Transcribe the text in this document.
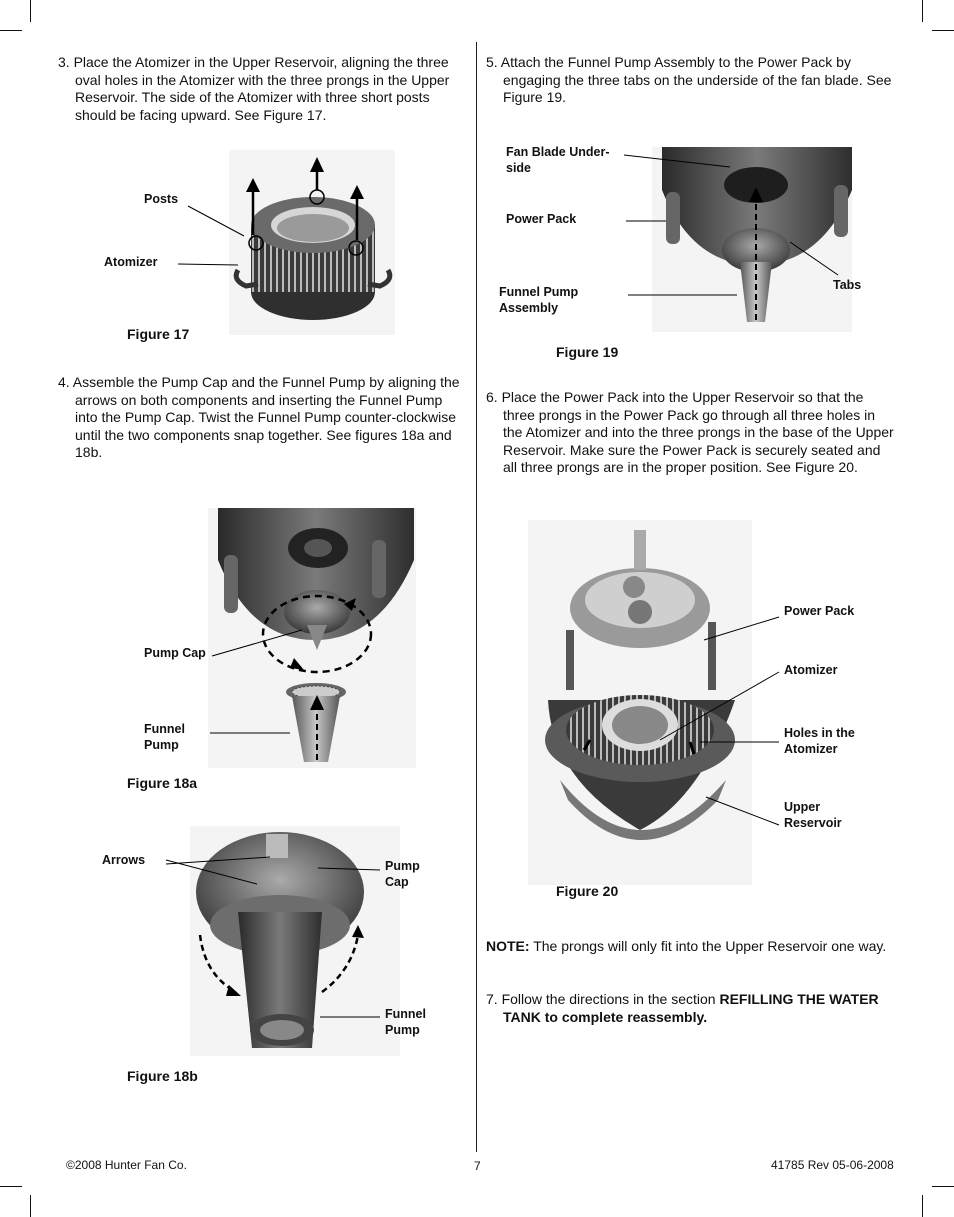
3. Place the Atomizer in the Upper Reservoir, aligning the three oval holes in the Atomizer with the three prongs in the Upper Reservoir. The side of the Atomizer with three short posts should be facing upward. See Figure 17.
Posts
Atomizer
Figure 17
4. Assemble the Pump Cap and the Funnel Pump by aligning the arrows on both components and inserting the Funnel Pump into the Pump Cap. Twist the Funnel Pump counter-clockwise until the two components snap together. See figures 18a and 18b.
Pump Cap
Funnel Pump
Figure 18a
Arrows	Pump Cap
Funnel Pump
Figure 18b
5. Attach the Funnel Pump Assembly to the Power Pack by engaging the three tabs on the underside of the fan blade. See Figure 19.
Fan Blade Under-side
Power Pack
Funnel Pump Assembly
Tabs
Figure 19
6. Place the Power Pack into the Upper Reservoir so that the three prongs in the Power Pack go through all three holes in the Atomizer and into the three prongs in the base of the Upper Reservoir. Make sure the Power Pack is securely seated and all three prongs are in the proper position. See Figure 20.
Power Pack
Atomizer
Holes in the Atomizer
Upper Reservoir
Figure 20
NOTE: The prongs will only fit into the Upper Reservoir one way.
7. Follow the directions in the section REFILLING THE WATER TANK to complete reassembly.
©2008 Hunter Fan Co.	7	41785 Rev 05-06-2008
